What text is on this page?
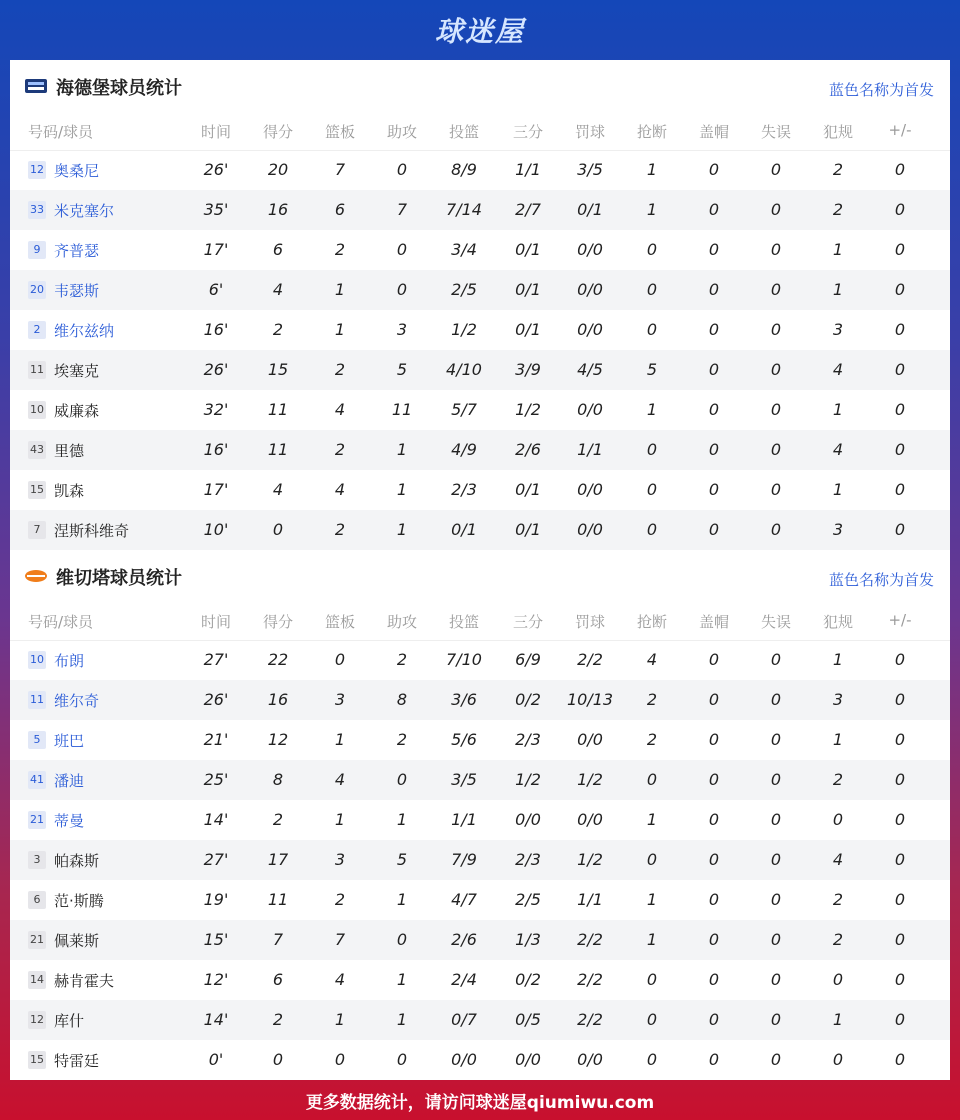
球迷屋
海德堡球员统计	蓝色名称为首发
号码/球员	时间	得分	篮板	助攻	投篮	三分	罚球	抢断	盖帽	失误	犯规	+/-
12 奥桑尼	26'	20	7	0	8/9	1/1	3/5	1	0	0	2	0
33 米克塞尔	35'	16	6	7	7/14	2/7	0/1	1	0	0	2	0
9 齐普瑟	17'	6	2	0	3/4	0/1	0/0	0	0	0	1	0
20 韦瑟斯	6'	4	1	0	2/5	0/1	0/0	0	0	0	1	0
2 维尔兹纳	16'	2	1	3	1/2	0/1	0/0	0	0	0	3	0
11 埃塞克	26'	15	2	5	4/10	3/9	4/5	5	0	0	4	0
10 威廉森	32'	11	4	11	5/7	1/2	0/0	1	0	0	1	0
43 里德	16'	11	2	1	4/9	2/6	1/1	0	0	0	4	0
15 凯森	17'	4	4	1	2/3	0/1	0/0	0	0	0	1	0
7 涅斯科维奇	10'	0	2	1	0/1	0/1	0/0	0	0	0	3	0
维切塔球员统计	蓝色名称为首发
号码/球员	时间	得分	篮板	助攻	投篮	三分	罚球	抢断	盖帽	失误	犯规	+/-
10 布朗	27'	22	0	2	7/10	6/9	2/2	4	0	0	1	0
11 维尔奇	26'	16	3	8	3/6	0/2	10/13	2	0	0	3	0
5 班巴	21'	12	1	2	5/6	2/3	0/0	2	0	0	1	0
41 潘迪	25'	8	4	0	3/5	1/2	1/2	0	0	0	2	0
21 蒂曼	14'	2	1	1	1/1	0/0	0/0	1	0	0	0	0
3 帕森斯	27'	17	3	5	7/9	2/3	1/2	0	0	0	4	0
6 范·斯腾	19'	11	2	1	4/7	2/5	1/1	1	0	0	2	0
21 佩莱斯	15'	7	7	0	2/6	1/3	2/2	1	0	0	2	0
14 赫肯霍夫	12'	6	4	1	2/4	0/2	2/2	0	0	0	0	0
12 库什	14'	2	1	1	0/7	0/5	2/2	0	0	0	1	0
15 特雷廷	0'	0	0	0	0/0	0/0	0/0	0	0	0	0	0
更多数据统计，请访问球迷屋qiumiwu.com
